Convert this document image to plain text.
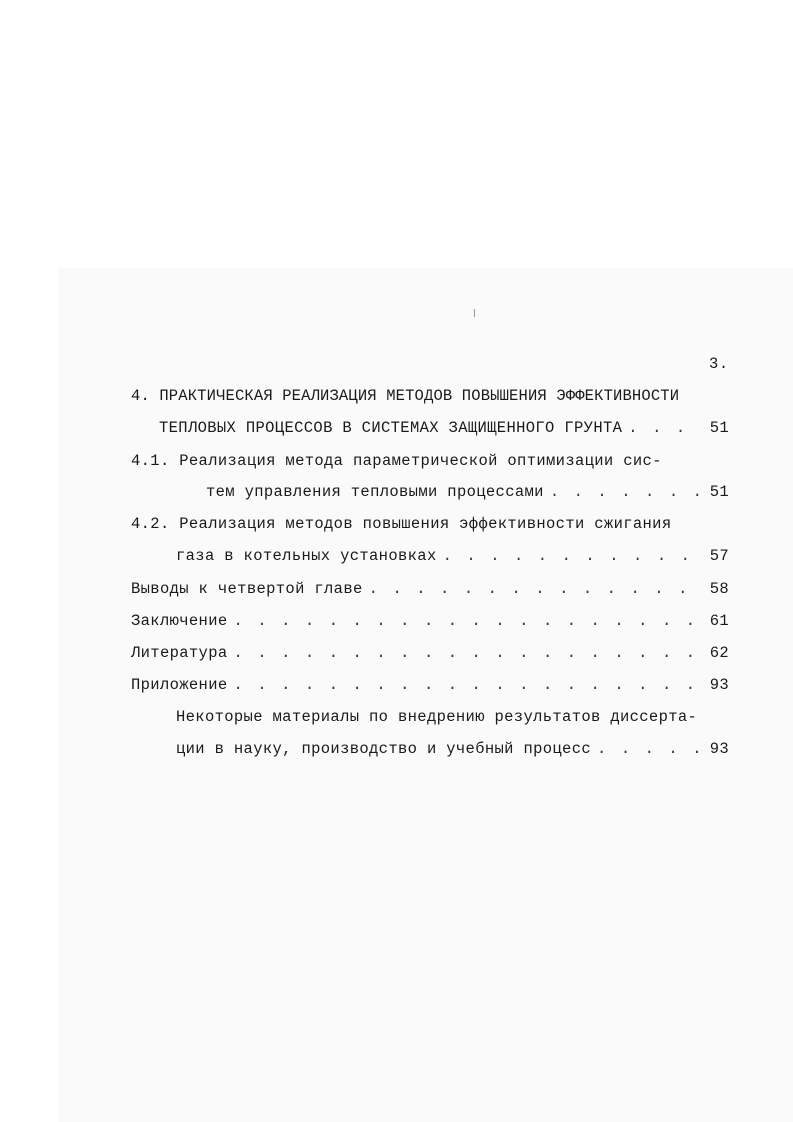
3.
4. ПРАКТИЧЕСКАЯ РЕАЛИЗАЦИЯ МЕТОДОВ ПОВЫШЕНИЯ ЭФФЕКТИВНОСТИ
ТЕПЛОВЫХ ПРОЦЕССОВ В СИСТЕМАХ ЗАЩИЩЕННОГО ГРУНТА . . .	51
4.1. Реализация метода параметрической оптимизации сис-
тем управления тепловыми процессами . . .	51
4.2. Реализация методов повышения эффективности сжигания
газа в котельных установках . . .	57
Выводы к четвертой главе . . .	58
Заключение . . .	61
Литература . . .	62
Приложение . . .	93
Некоторые материалы по внедрению результатов диссерта-
ции в науку, производство и учебный процесс . . .	93
